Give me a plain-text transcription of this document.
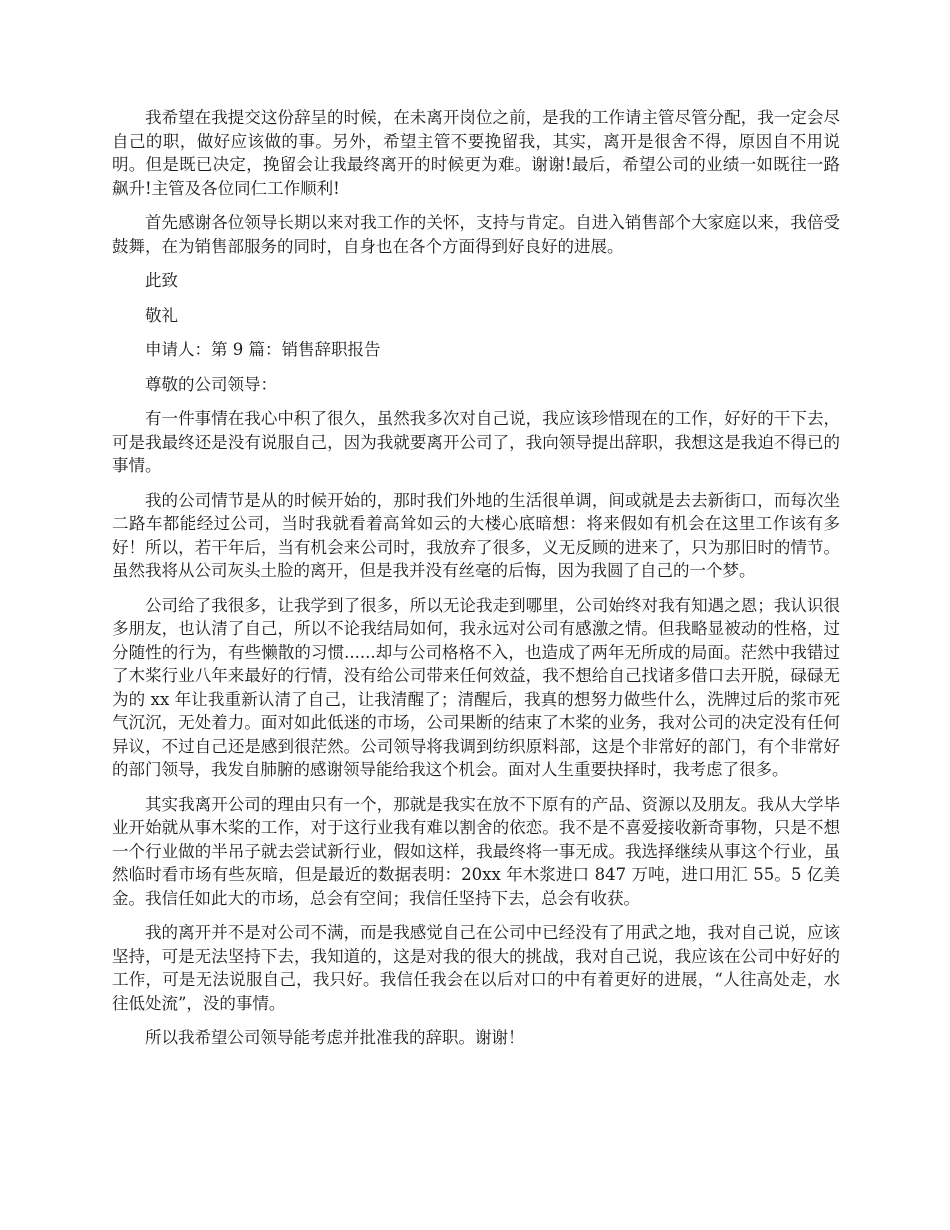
我希望在我提交这份辞呈的时候，在未离开岗位之前，是我的工作请主管尽管分配，我一定会尽自己的职，做好应该做的事。另外，希望主管不要挽留我，其实，离开是很舍不得，原因自不用说明。但是既已决定，挽留会让我最终离开的时候更为难。谢谢!最后，希望公司的业绩一如既往一路飙升!主管及各位同仁工作顺利!

首先感谢各位领导长期以来对我工作的关怀，支持与肯定。自进入销售部个大家庭以来，我倍受鼓舞，在为销售部服务的同时，自身也在各个方面得到好良好的进展。

此致

敬礼

申请人：第 9 篇：销售辞职报告

尊敬的公司领导：

有一件事情在我心中积了很久，虽然我多次对自己说，我应该珍惜现在的工作，好好的干下去，可是我最终还是没有说服自己，因为我就要离开公司了，我向领导提出辞职，我想这是我迫不得已的事情。

我的公司情节是从的时候开始的，那时我们外地的生活很单调，间或就是去去新街口，而每次坐二路车都能经过公司，当时我就看着高耸如云的大楼心底暗想：将来假如有机会在这里工作该有多好！所以，若干年后，当有机会来公司时，我放弃了很多，义无反顾的进来了，只为那旧时的情节。虽然我将从公司灰头土脸的离开，但是我并没有丝毫的后悔，因为我圆了自己的一个梦。

公司给了我很多，让我学到了很多，所以无论我走到哪里，公司始终对我有知遇之恩；我认识很多朋友，也认清了自己，所以不论我结局如何，我永远对公司有感激之情。但我略显被动的性格，过分随性的行为，有些懒散的习惯......却与公司格格不入，也造成了两年无所成的局面。茫然中我错过了木桨行业八年来最好的行情，没有给公司带来任何效益，我不想给自己找诸多借口去开脱，碌碌无为的 xx 年让我重新认清了自己，让我清醒了；清醒后，我真的想努力做些什么，洗牌过后的浆市死气沉沉，无处着力。面对如此低迷的市场，公司果断的结束了木桨的业务，我对公司的决定没有任何异议，不过自己还是感到很茫然。公司领导将我调到纺织原料部，这是个非常好的部门，有个非常好的部门领导，我发自肺腑的感谢领导能给我这个机会。面对人生重要抉择时，我考虑了很多。

其实我离开公司的理由只有一个，那就是我实在放不下原有的产品、资源以及朋友。我从大学毕业开始就从事木桨的工作，对于这行业我有难以割舍的依恋。我不是不喜爱接收新奇事物，只是不想一个行业做的半吊子就去尝试新行业，假如这样，我最终将一事无成。我选择继续从事这个行业，虽然临时看市场有些灰暗，但是最近的数据表明：20xx 年木浆进口 847 万吨，进口用汇 55。5 亿美金。我信任如此大的市场，总会有空间；我信任坚持下去，总会有收获。

我的离开并不是对公司不满，而是我感觉自己在公司中已经没有了用武之地，我对自己说，应该坚持，可是无法坚持下去，我知道的，这是对我的很大的挑战，我对自己说，我应该在公司中好好的工作，可是无法说服自己，我只好。我信任我会在以后对口的中有着更好的进展，“人往高处走，水往低处流”，没的事情。

所以我希望公司领导能考虑并批准我的辞职。谢谢！
